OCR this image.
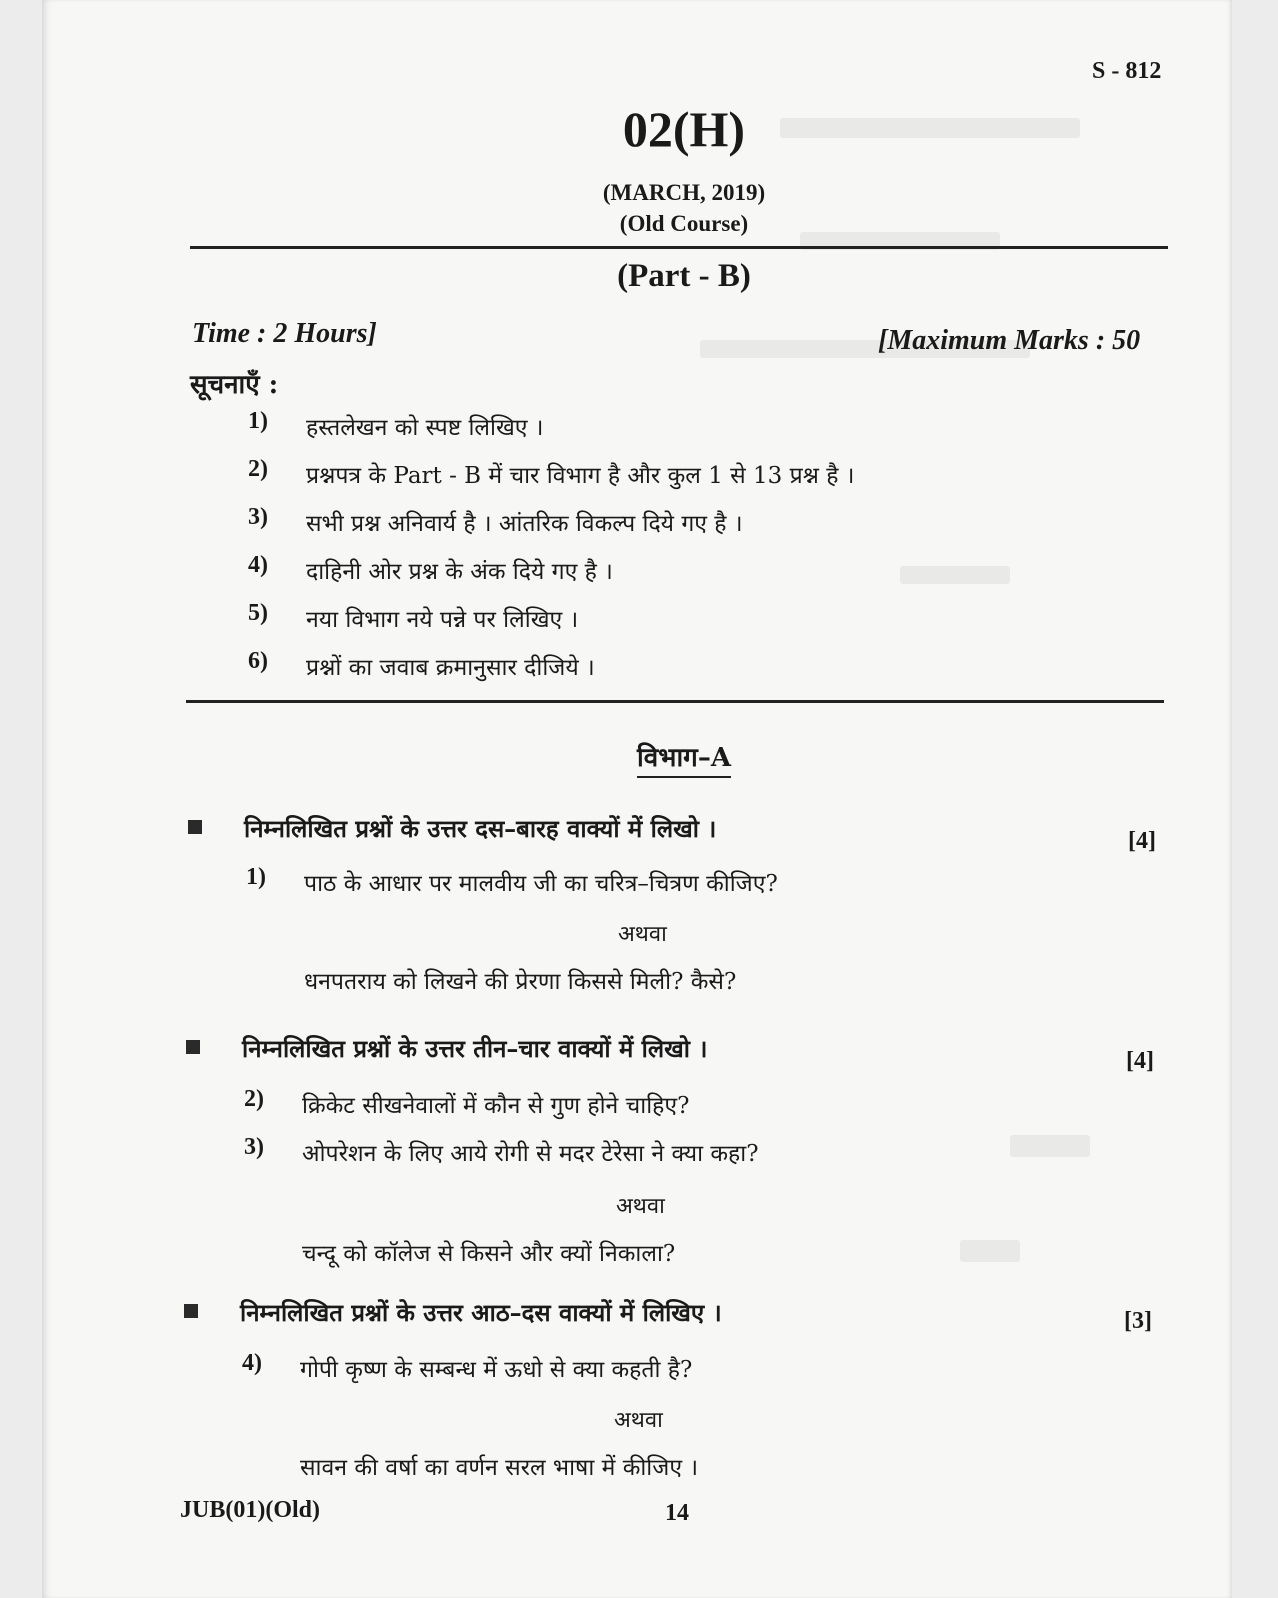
S - 812
02(H)
(MARCH, 2019)
(Old Course)
(Part - B)
Time : 2 Hours]	[Maximum Marks : 50
सूचनाएँ :
1) हस्तलेखन को स्पष्ट लिखिए ।
2) प्रश्नपत्र के Part - B में चार विभाग है और कुल 1 से 13 प्रश्न है ।
3) सभी प्रश्न अनिवार्य है । आंतरिक विकल्प दिये गए है ।
4) दाहिनी ओर प्रश्न के अंक दिये गए है ।
5) नया विभाग नये पन्ने पर लिखिए ।
6) प्रश्नों का जवाब क्रमानुसार दीजिये ।
विभाग–A
निम्नलिखित प्रश्नों के उत्तर दस–बारह वाक्यों में लिखो ।	[4]
1) पाठ के आधार पर मालवीय जी का चरित्र–चित्रण कीजिए?
अथवा
धनपतराय को लिखने की प्रेरणा किससे मिली? कैसे?
निम्नलिखित प्रश्नों के उत्तर तीन–चार वाक्यों में लिखो ।	[4]
2) क्रिकेट सीखनेवालों में कौन से गुण होने चाहिए?
3) ओपरेशन के लिए आये रोगी से मदर टेरेसा ने क्या कहा?
अथवा
चन्दू को कॉलेज से किसने और क्यों निकाला?
निम्नलिखित प्रश्नों के उत्तर आठ–दस वाक्यों में लिखिए ।	[3]
4) गोपी कृष्ण के सम्बन्ध में ऊधो से क्या कहती है?
अथवा
सावन की वर्षा का वर्णन सरल भाषा में कीजिए ।
JUB(01)(Old)	14
